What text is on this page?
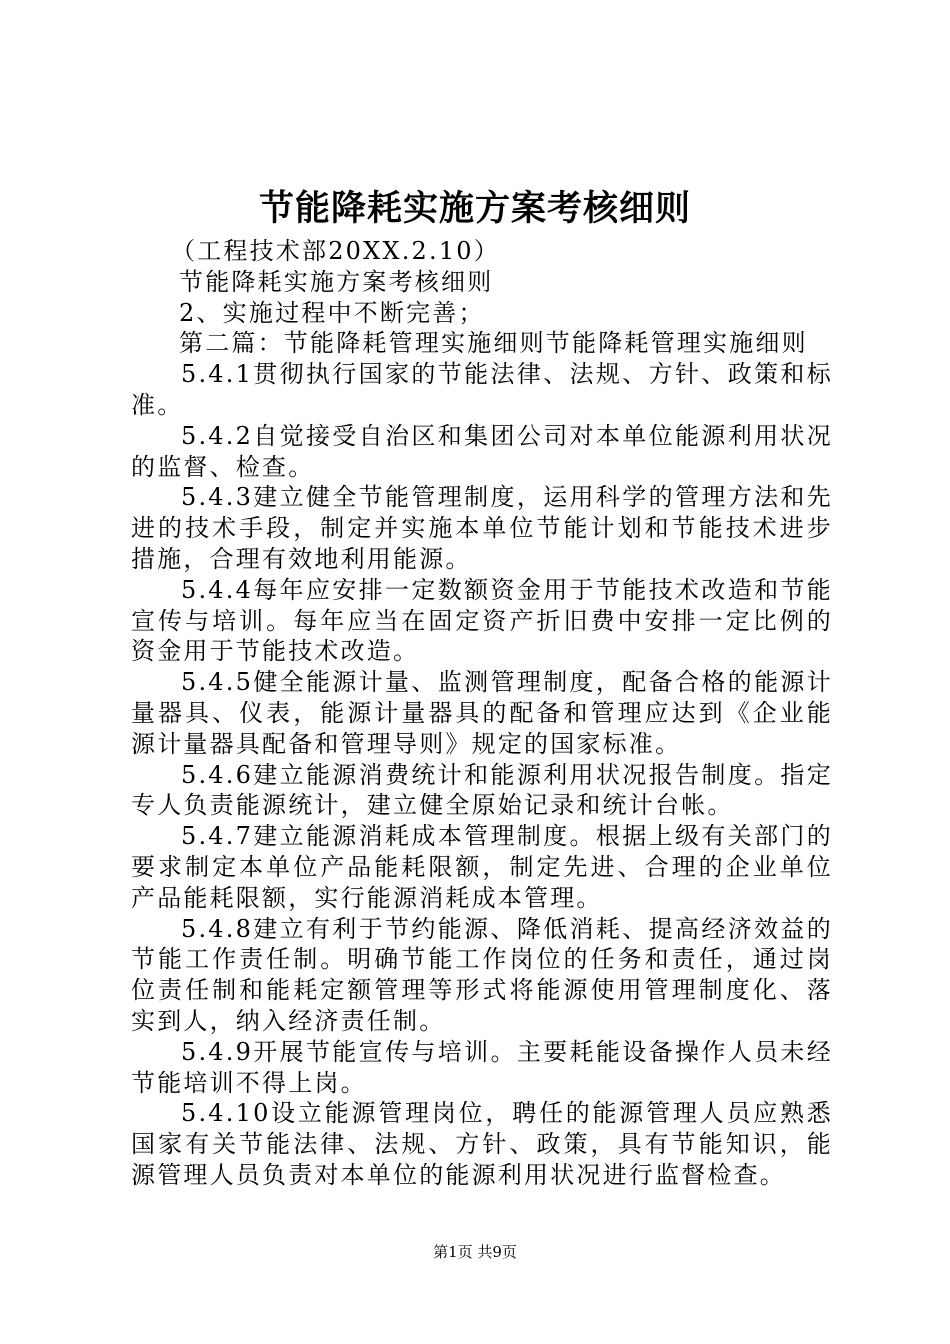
节能降耗实施方案考核细则

（工程技术部20XX.2.10）

节能降耗实施方案考核细则

2、实施过程中不断完善；

第二篇：节能降耗管理实施细则节能降耗管理实施细则

5.4.1贯彻执行国家的节能法律、法规、方针、政策和标准。

5.4.2自觉接受自治区和集团公司对本单位能源利用状况的监督、检查。

5.4.3建立健全节能管理制度，运用科学的管理方法和先进的技术手段，制定并实施本单位节能计划和节能技术进步措施，合理有效地利用能源。

5.4.4每年应安排一定数额资金用于节能技术改造和节能宣传与培训。每年应当在固定资产折旧费中安排一定比例的资金用于节能技术改造。

5.4.5健全能源计量、监测管理制度，配备合格的能源计量器具、仪表，能源计量器具的配备和管理应达到《企业能源计量器具配备和管理导则》规定的国家标准。

5.4.6建立能源消费统计和能源利用状况报告制度。指定专人负责能源统计，建立健全原始记录和统计台帐。

5.4.7建立能源消耗成本管理制度。根据上级有关部门的要求制定本单位产品能耗限额，制定先进、合理的企业单位产品能耗限额，实行能源消耗成本管理。

5.4.8建立有利于节约能源、降低消耗、提高经济效益的节能工作责任制。明确节能工作岗位的任务和责任，通过岗位责任制和能耗定额管理等形式将能源使用管理制度化、落实到人，纳入经济责任制。

5.4.9开展节能宣传与培训。主要耗能设备操作人员未经节能培训不得上岗。

5.4.10设立能源管理岗位，聘任的能源管理人员应熟悉国家有关节能法律、法规、方针、政策，具有节能知识，能源管理人员负责对本单位的能源利用状况进行监督检查。

第1页 共9页
